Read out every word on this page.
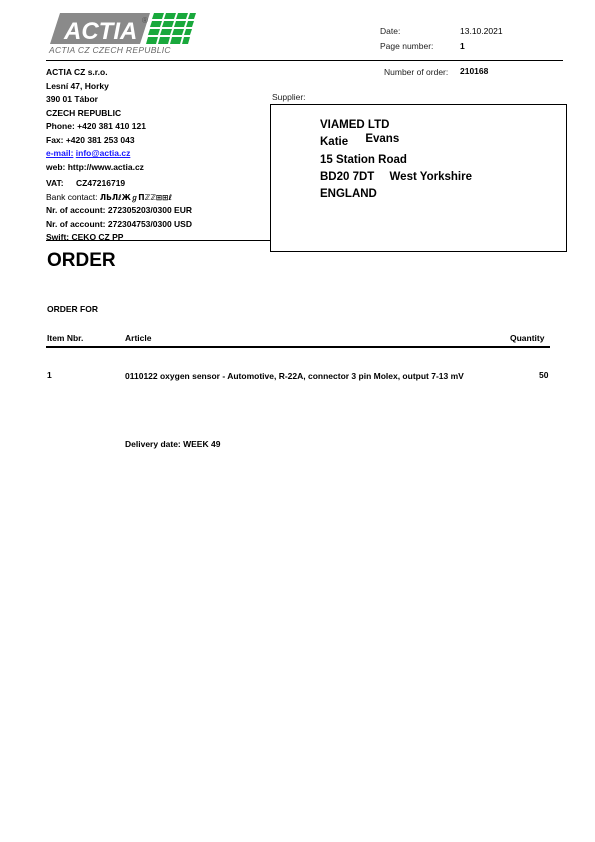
ACTIA ®
ACTIA CZ CZECH REPUBLIC
Date:	13.10.2021
Page number:	1
Number of order: 210168
ACTIA CZ s.r.o.
Lesní 47, Horky
390 01 Tábor
CZECH REPUBLIC
Phone: +420 381 410 121
Fax: +420 381 253 043
e-mail: info@actia.cz
web: http://www.actia.cz
VAT: CZ47216719
Bank contact: ЛЬЛℓЖℊΠℤℤ⊞⊞ℓ
Nr. of account: 272305203/0300 EUR
Nr. of account: 272304753/0300 USD
Swift: CEKO CZ PP
Supplier:
VIAMED LTD
Katie Evans
15 Station Road
BD20 7DT West Yorkshire
ENGLAND
ORDER
ORDER FOR
Item Nbr.	Article	Quantity
1	0110122 oxygen sensor - Automotive, R-22A, connector 3 pin Molex, output 7-13 mV	50
Delivery date: WEEK 49
